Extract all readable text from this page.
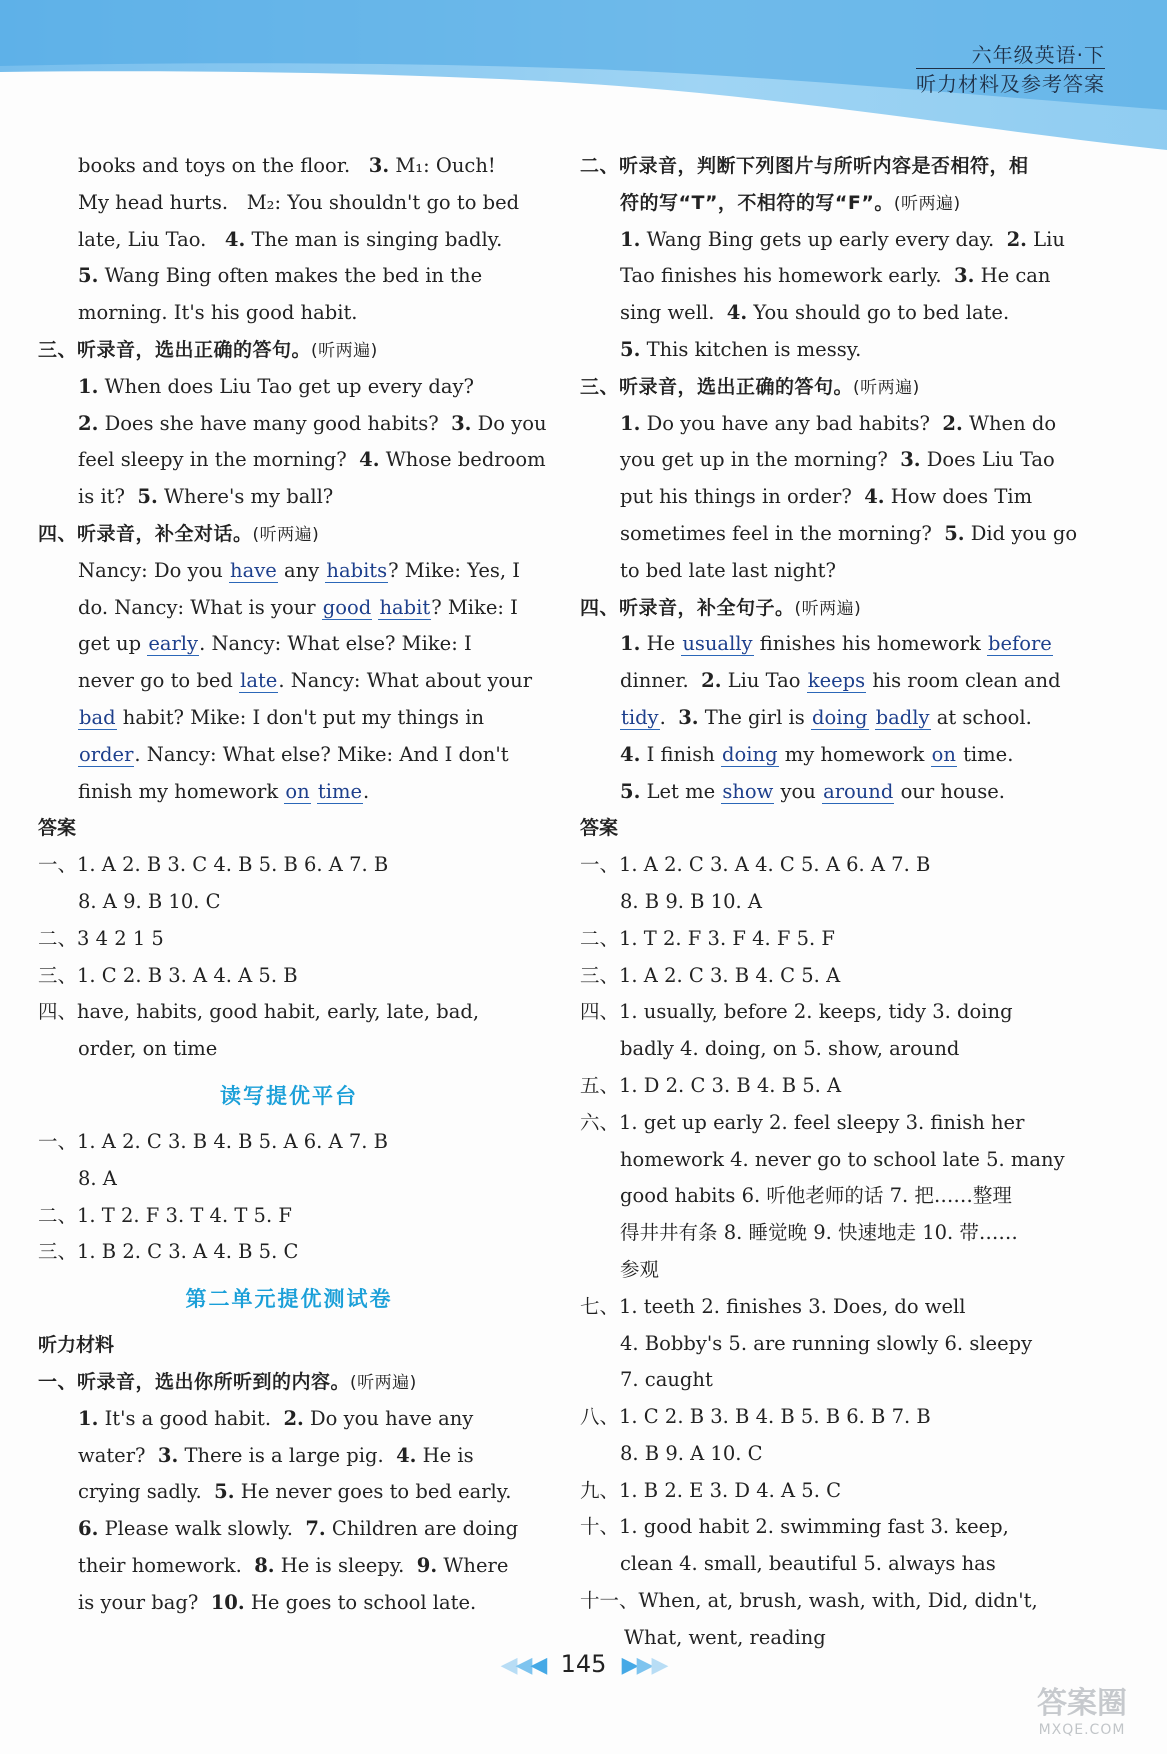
六年级英语·下
听力材料及参考答案
books and toys on the floor. 3. M₁: Ouch!
My head hurts. M₂: You shouldn't go to bed
late, Liu Tao. 4. The man is singing badly.
5. Wang Bing often makes the bed in the
morning. It's his good habit.
三、听录音，选出正确的答句。(听两遍)
1. When does Liu Tao get up every day?
2. Does she have many good habits? 3. Do you
feel sleepy in the morning? 4. Whose bedroom
is it? 5. Where's my ball?
四、听录音，补全对话。(听两遍)
Nancy: Do you have any habits? Mike: Yes, I
do. Nancy: What is your good habit? Mike: I
get up early. Nancy: What else? Mike: I
never go to bed late. Nancy: What about your
bad habit? Mike: I don't put my things in
order. Nancy: What else? Mike: And I don't
finish my homework on time.
答案
一、1. A 2. B 3. C 4. B 5. B 6. A 7. B
8. A 9. B 10. C
二、3 4 2 1 5
三、1. C 2. B 3. A 4. A 5. B
四、have, habits, good habit, early, late, bad,
order, on time
读写提优平台
一、1. A 2. C 3. B 4. B 5. A 6. A 7. B
8. A
二、1. T 2. F 3. T 4. T 5. F
三、1. B 2. C 3. A 4. B 5. C
第二单元提优测试卷
听力材料
一、听录音，选出你所听到的内容。(听两遍)
1. It's a good habit. 2. Do you have any
water? 3. There is a large pig. 4. He is
crying sadly. 5. He never goes to bed early.
6. Please walk slowly. 7. Children are doing
their homework. 8. He is sleepy. 9. Where
is your bag? 10. He goes to school late.
二、听录音，判断下列图片与所听内容是否相符，相
符的写“T”，不相符的写“F”。(听两遍)
1. Wang Bing gets up early every day. 2. Liu
Tao finishes his homework early. 3. He can
sing well. 4. You should go to bed late.
5. This kitchen is messy.
三、听录音，选出正确的答句。(听两遍)
1. Do you have any bad habits? 2. When do
you get up in the morning? 3. Does Liu Tao
put his things in order? 4. How does Tim
sometimes feel in the morning? 5. Did you go
to bed late last night?
四、听录音，补全句子。(听两遍)
1. He usually finishes his homework before
dinner. 2. Liu Tao keeps his room clean and
tidy. 3. The girl is doing badly at school.
4. I finish doing my homework on time.
5. Let me show you around our house.
答案
一、1. A 2. C 3. A 4. C 5. A 6. A 7. B
8. B 9. B 10. A
二、1. T 2. F 3. F 4. F 5. F
三、1. A 2. C 3. B 4. C 5. A
四、1. usually, before 2. keeps, tidy 3. doing
badly 4. doing, on 5. show, around
五、1. D 2. C 3. B 4. B 5. A
六、1. get up early 2. feel sleepy 3. finish her
homework 4. never go to school late 5. many
good habits 6. 听他老师的话 7. 把……整理
得井井有条 8. 睡觉晚 9. 快速地走 10. 带……
参观
七、1. teeth 2. finishes 3. Does, do well
4. Bobby's 5. are running slowly 6. sleepy
7. caught
八、1. C 2. B 3. B 4. B 5. B 6. B 7. B
8. B 9. A 10. C
九、1. B 2. E 3. D 4. A 5. C
十、1. good habit 2. swimming fast 3. keep,
clean 4. small, beautiful 5. always has
十一、When, at, brush, wash, with, Did, didn't,
What, went, reading
◀◀◀ 145 ▶▶▶
答案圈
MXQE.COM
